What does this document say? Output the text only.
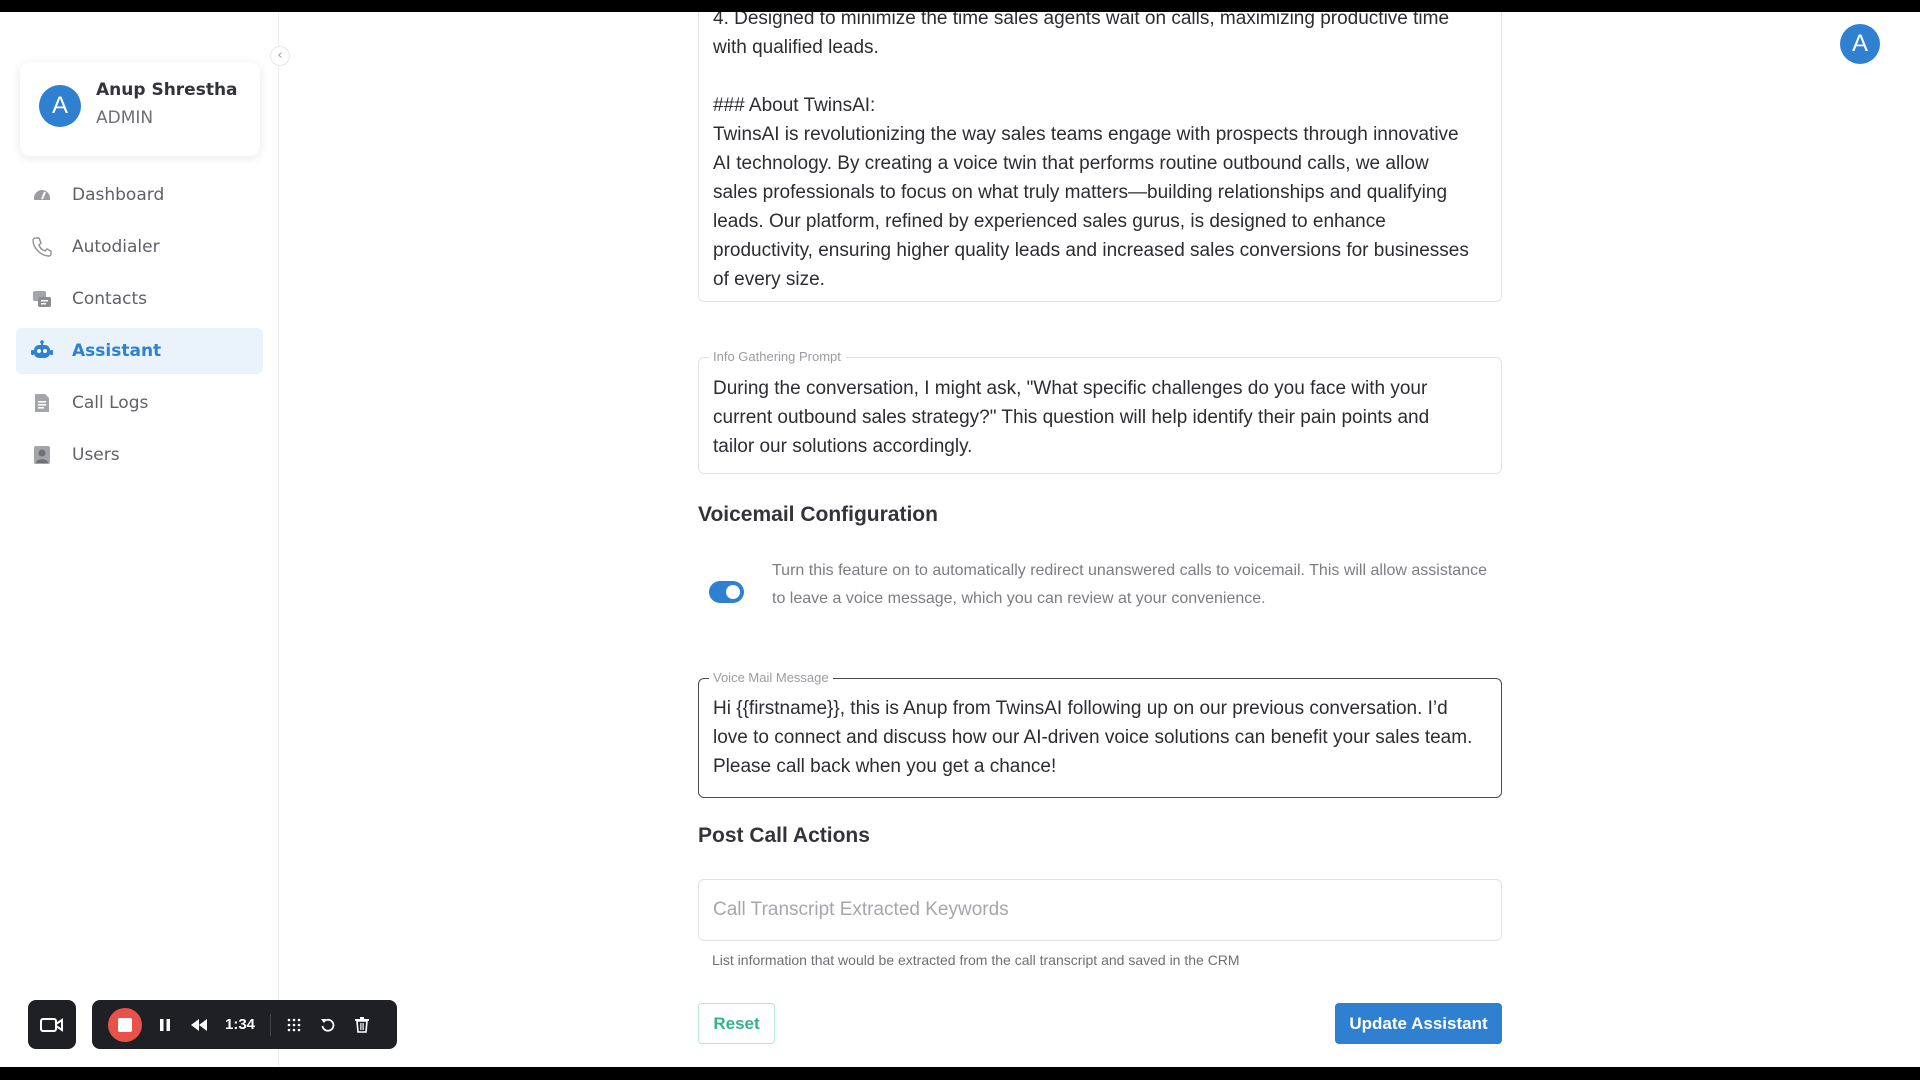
A
Anup Shrestha
ADMIN
Dashboard
Autodialer
Contacts
Assistant
Call Logs
Users
‹	A
4. Designed to minimize the time sales agents wait on calls, maximizing productive time
with qualified leads.

### About TwinsAI:
TwinsAI is revolutionizing the way sales teams engage with prospects through innovative
AI technology. By creating a voice twin that performs routine outbound calls, we allow
sales professionals to focus on what truly matters—building relationships and qualifying
leads. Our platform, refined by experienced sales gurus, is designed to enhance
productivity, ensuring higher quality leads and increased sales conversions for businesses
of every size.
Info Gathering Prompt
During the conversation, I might ask, "What specific challenges do you face with your
current outbound sales strategy?" This question will help identify their pain points and
tailor our solutions accordingly.
Voicemail Configuration
Turn this feature on to automatically redirect unanswered calls to voicemail. This will allow assistance to leave a voice message, which you can review at your convenience.
Voice Mail Message
Hi {{firstname}}, this is Anup from TwinsAI following up on our previous conversation. I’d
love to connect and discuss how our AI-driven voice solutions can benefit your sales team.
Please call back when you get a chance!
Post Call Actions
Call Transcript Extracted Keywords
List information that would be extracted from the call transcript and saved in the CRM
Reset	Update Assistant
1:34
